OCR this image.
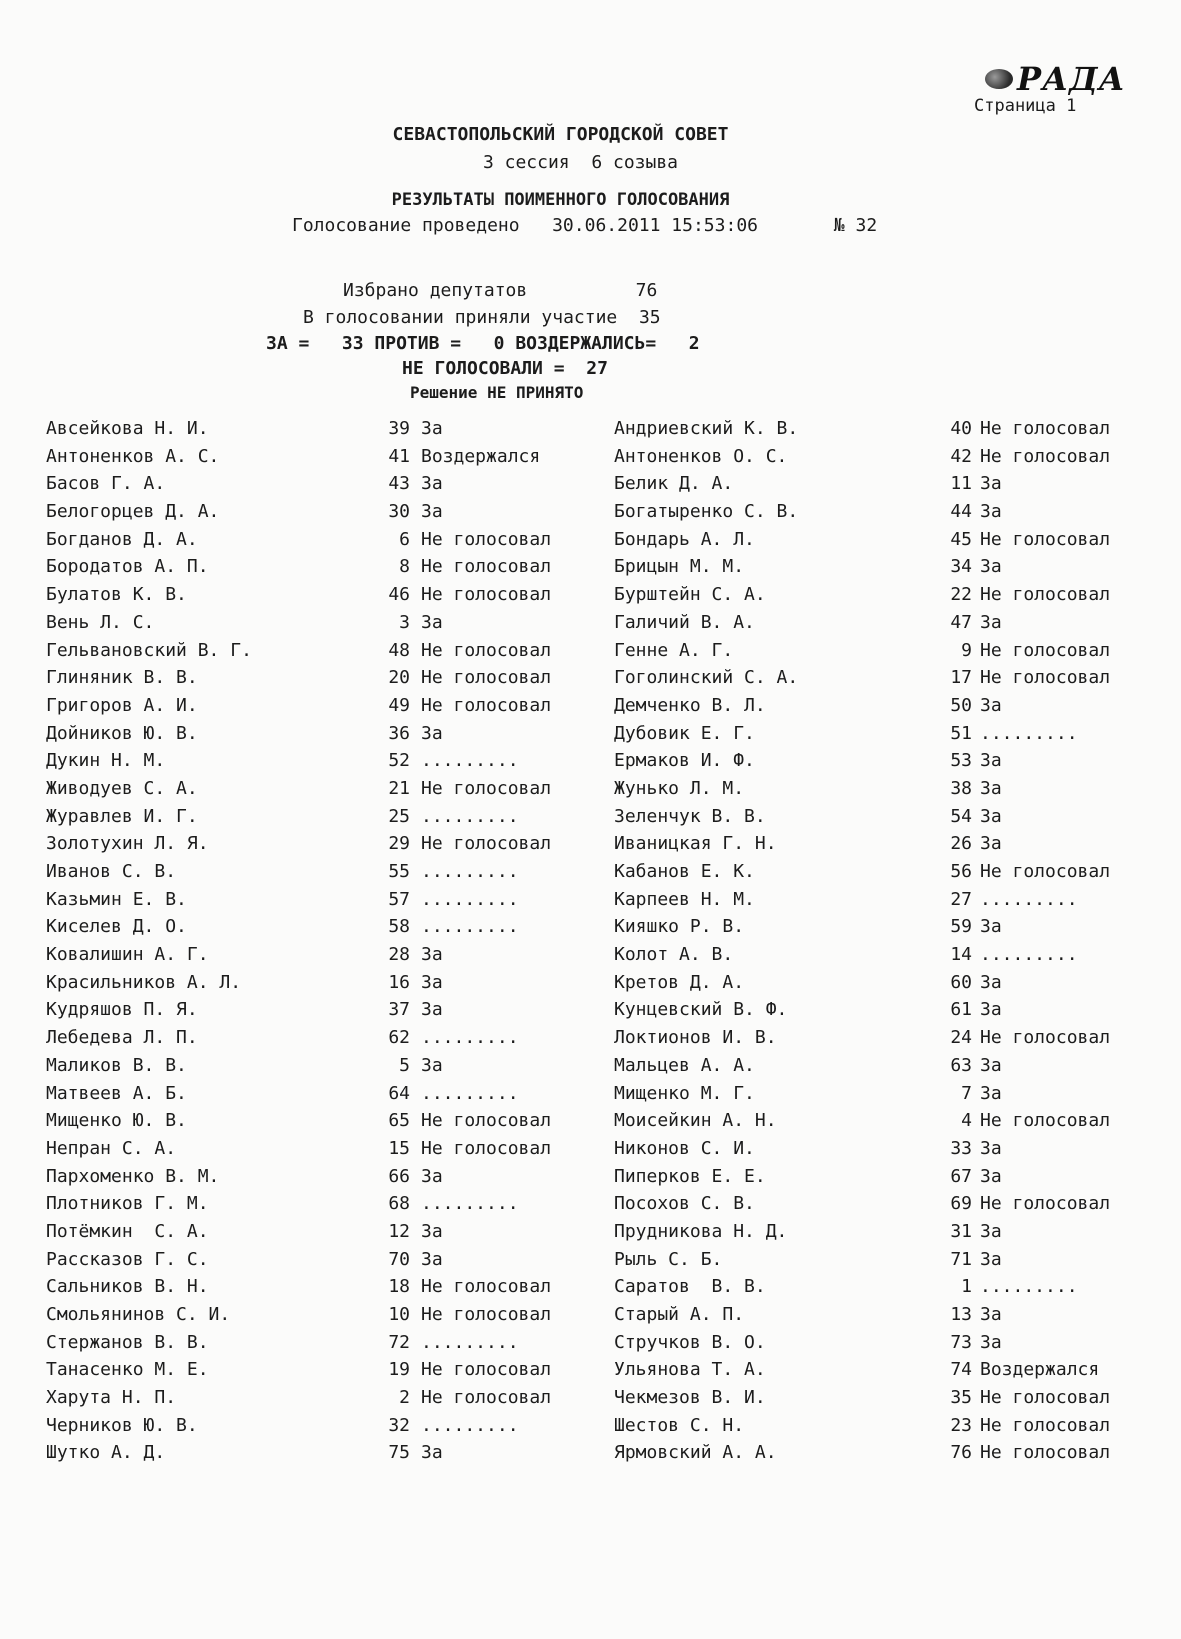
РАДА
Страница 1
СЕВАСТОПОЛЬСКИЙ ГОРОДСКОЙ СОВЕТ
3 сессия  6 созыва
РЕЗУЛЬТАТЫ ПОИМЕННОГО ГОЛОСОВАНИЯ
Голосование проведено 30.06.2011 15:53:06	№ 32
Избрано депутатов	76
В голосовании приняли участие 35
ЗА = 33 ПРОТИВ = 0 ВОЗДЕРЖАЛИСЬ= 2
НЕ ГОЛОСОВАЛИ = 27
Решение НЕ ПРИНЯТО
Авсейкова Н. И.	39 За
Антоненков А. С.	41 Воздержался
Басов Г. А.	43 За
Белогорцев Д. А.	30 За
Богданов Д. А.	6 Не голосовал
Бородатов А. П.	8 Не голосовал
Булатов К. В.	46 Не голосовал
Вень Л. С.	3 За
Гельвановский В. Г.	48 Не голосовал
Глиняник В. В.	20 Не голосовал
Григоров А. И.	49 Не голосовал
Дойников Ю. В.	36 За
Дукин Н. М.	52 .........
Живодуев С. А.	21 Не голосовал
Журавлев И. Г.	25 .........
Золотухин Л. Я.	29 Не голосовал
Иванов С. В.	55 .........
Казьмин Е. В.	57 .........
Киселев Д. О.	58 .........
Ковалишин А. Г.	28 За
Красильников А. Л.	16 За
Кудряшов П. Я.	37 За
Лебедева Л. П.	62 .........
Маликов В. В.	5 За
Матвеев А. Б.	64 .........
Мищенко Ю. В.	65 Не голосовал
Непран С. А.	15 Не голосовал
Пархоменко В. М.	66 За
Плотников Г. М.	68 .........
Потёмкин  С. А.	12 За
Рассказов Г. С.	70 За
Сальников В. Н.	18 Не голосовал
Смольянинов С. И.	10 Не голосовал
Стержанов В. В.	72 .........
Танасенко М. Е.	19 Не голосовал
Харута Н. П.	2 Не голосовал
Черников Ю. В.	32 .........
Шутко А. Д.	75 За
Андриевский К. В.	40 Не голосовал
Антоненков О. С.	42 Не голосовал
Белик Д. А.	11 За
Богатыренко С. В.	44 За
Бондарь А. Л.	45 Не голосовал
Брицын М. М.	34 За
Бурштейн С. А.	22 Не голосовал
Галичий В. А.	47 За
Генне А. Г.	9 Не голосовал
Гоголинский С. А.	17 Не голосовал
Демченко В. Л.	50 За
Дубовик Е. Г.	51 .........
Ермаков И. Ф.	53 За
Жунько Л. М.	38 За
Зеленчук В. В.	54 За
Иваницкая Г. Н.	26 За
Кабанов Е. К.	56 Не голосовал
Карпеев Н. М.	27 .........
Кияшко Р. В.	59 За
Колот А. В.	14 .........
Кретов Д. А.	60 За
Кунцевский В. Ф.	61 За
Локтионов И. В.	24 Не голосовал
Мальцев А. А.	63 За
Мищенко М. Г.	7 За
Моисейкин А. Н.	4 Не голосовал
Никонов С. И.	33 За
Пиперков Е. Е.	67 За
Посохов С. В.	69 Не голосовал
Прудникова Н. Д.	31 За
Рыль С. Б.	71 За
Саратов  В. В.	1 .........
Старый А. П.	13 За
Стручков В. О.	73 За
Ульянова Т. А.	74 Воздержался
Чекмезов В. И.	35 Не голосовал
Шестов С. Н.	23 Не голосовал
Ярмовский А. А.	76 Не голосовал
